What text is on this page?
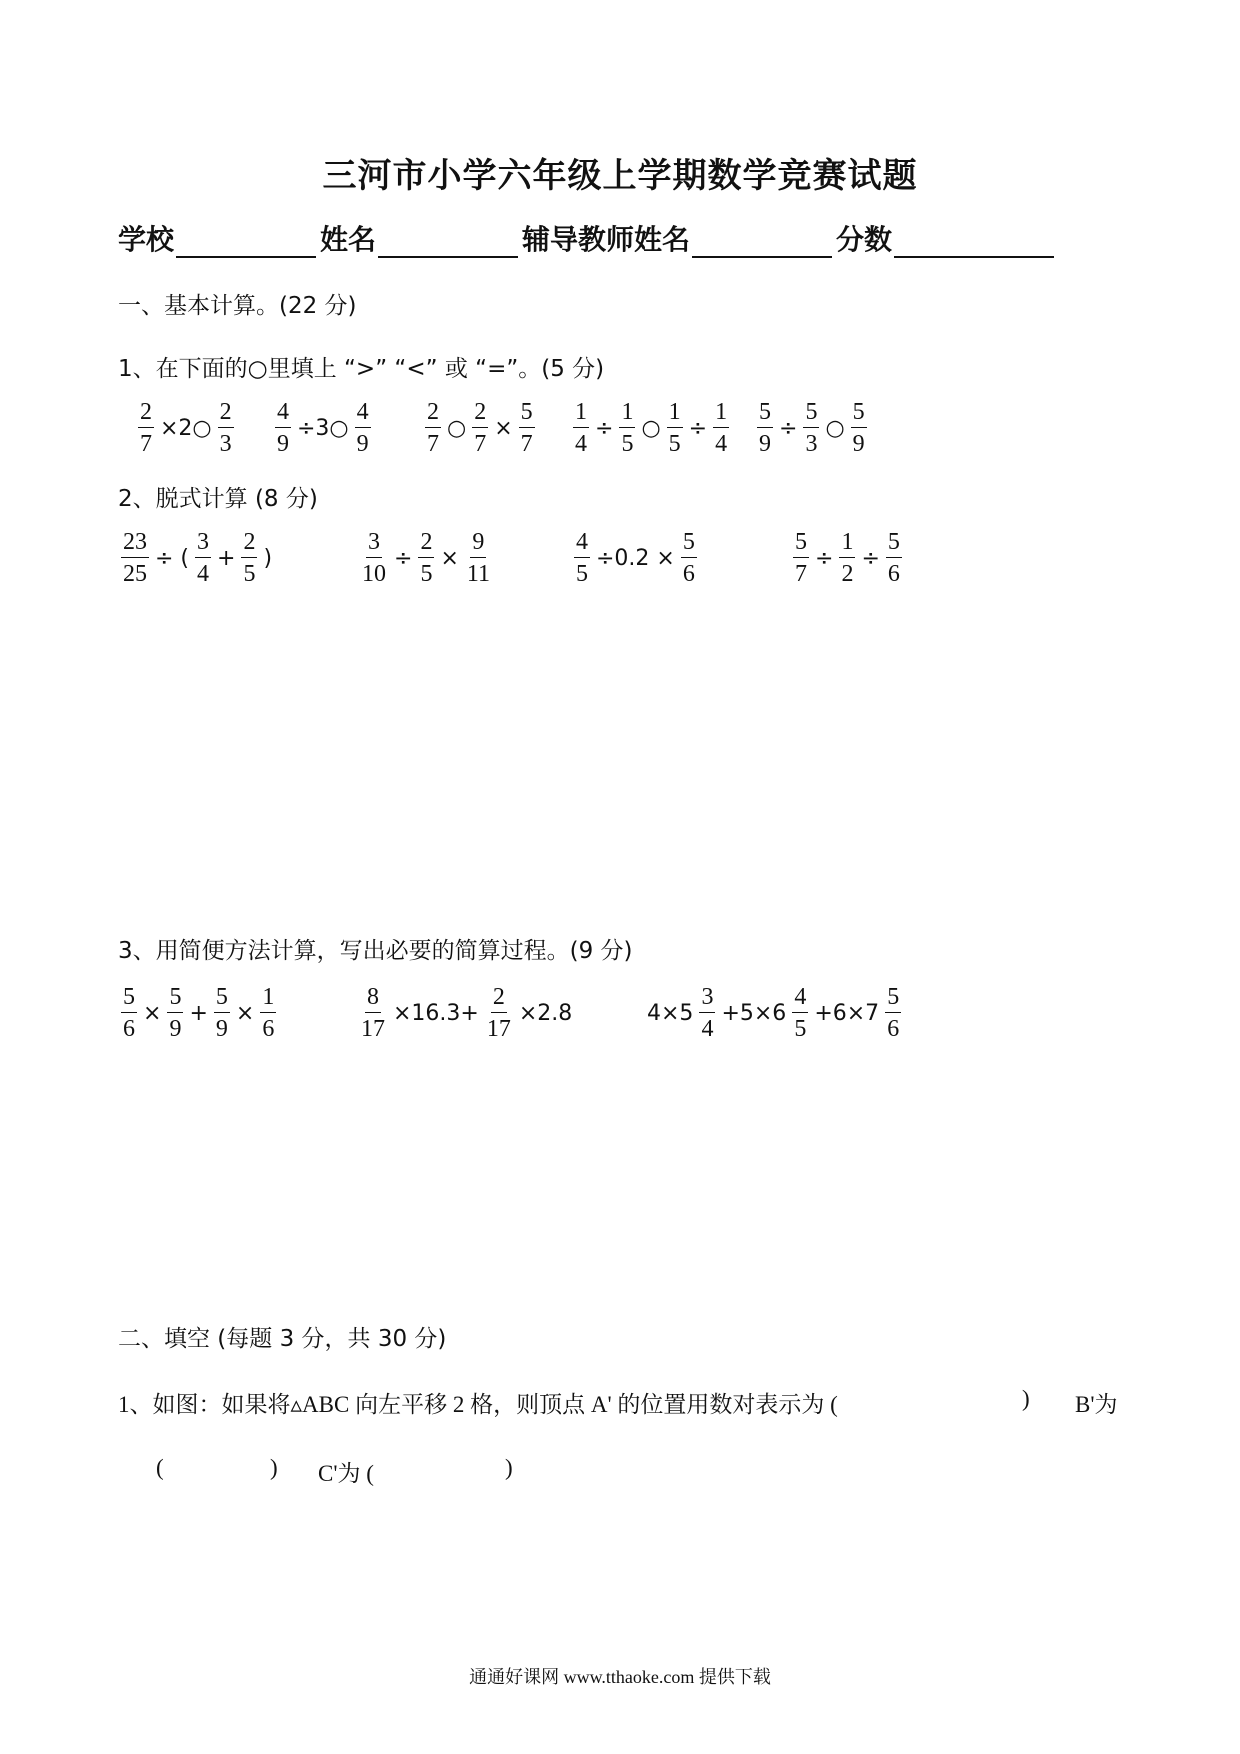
三河市小学六年级上学期数学竞赛试题
学校	姓名	辅导教师姓名	分数
一、基本计算。(22 分)
1、在下面的○里填上 “>” “<” 或 “=”。(5 分)
$\frac{2}{7}$ ×2○ $\frac{2}{3} \frac{4}{9}$ ÷3○ $\frac{4}{9} \frac{2}{7}$ ○ $\frac{2}{7} \times \frac{5}{7} \frac{1}{4} \div \frac{1}{5}$ ○ $\frac{1}{5} \div \frac{1}{4} \frac{5}{9} \div \frac{5}{3}$ ○ $\frac{5}{9}$
2、脱式计算 (8 分)
$\frac{23}{25}$ ÷ ( $\frac{3}{4} + \frac{2}{5}$ )	$\frac{3}{10} \div \frac{2}{5} \times \frac{9}{11}$	$\frac{4}{5} \div 0.2 \times \frac{5}{6}$	$\frac{5}{7} \div \frac{1}{2} \div \frac{5}{6}$
3、用简便方法计算，写出必要的简算过程。(9 分)
$\frac{5}{6} \times \frac{5}{9} + \frac{5}{9} \times \frac{1}{6}$	$\frac{8}{17} \times 16.3+ \frac{2}{17} \times 2.8$	$4\times 5 \frac{3}{4} +5\times 6 \frac{4}{5} +6\times 7 \frac{5}{6}$
二、填空 (每题 3 分，共 30 分)
1、如图：如果将▵ABC 向左平移 2 格，则顶点 A' 的位置用数对表示为 (	) B'为
(	) C'为 (	)
通通好课网 www.tthaoke.com 提供下载
